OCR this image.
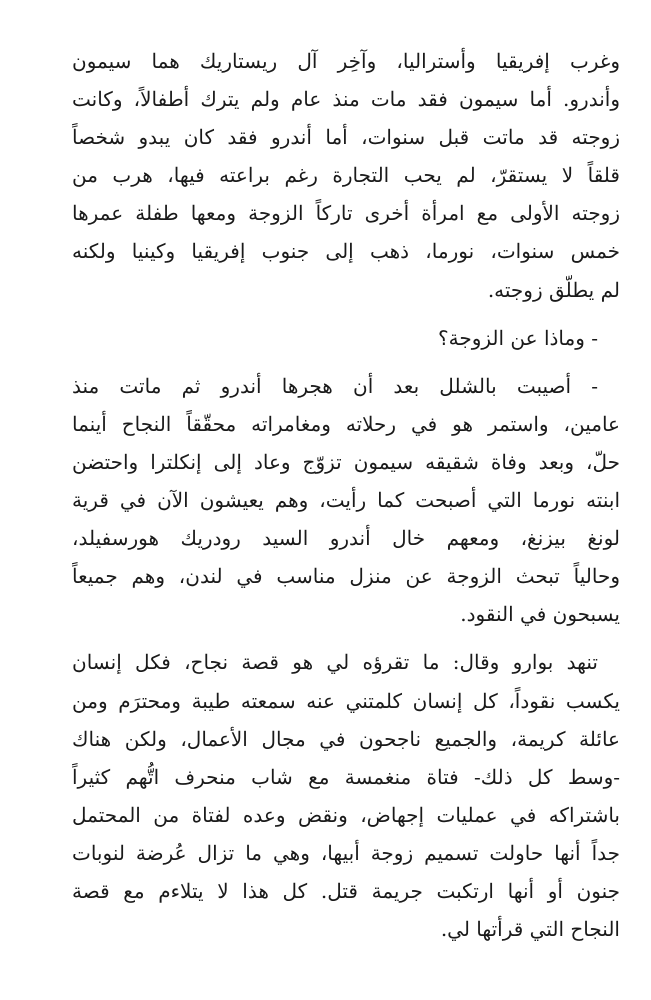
وغرب إفريقيا وأستراليا، وآخِر آل ريستاريك هما سيمون
وأندرو. أما سيمون فقد مات منذ عام ولم يترك أطفالاً، وكانت
زوجته قد ماتت قبل سنوات، أما أندرو فقد كان يبدو شخصاً
قلقاً لا يستقرّ، لم يحب التجارة رغم براعته فيها، هرب من
زوجته الأولى مع امرأة أخرى تاركاً الزوجة ومعها طفلة عمرها
خمس سنوات، نورما، ذهب إلى جنوب إفريقيا وكينيا ولكنه
لم يطلّق زوجته.
- وماذا عن الزوجة؟
- أصيبت بالشلل بعد أن هجرها أندرو ثم ماتت منذ
عامين، واستمر هو في رحلاته ومغامراته محقّقاً النجاح أينما
حلّ، وبعد وفاة شقيقه سيمون تزوّج وعاد إلى إنكلترا واحتضن
ابنته نورما التي أصبحت كما رأيت، وهم يعيشون الآن في قرية
لونغ بيزنغ، ومعهم خال أندرو السيد رودريك هورسفيلد،
وحالياً تبحث الزوجة عن منزل مناسب في لندن، وهم جميعاً
يسبحون في النقود.
تنهد بوارو وقال: ما تقرؤه لي هو قصة نجاح، فكل إنسان
يكسب نقوداً، كل إنسان كلمتني عنه سمعته طيبة ومحترَم ومن
عائلة كريمة، والجميع ناجحون في مجال الأعمال، ولكن هناك
-وسط كل ذلك- فتاة منغمسة مع شاب منحرف اتُّهم كثيراً
باشتراكه في عمليات إجهاض، ونقض وعده لفتاة من المحتمل
جداً أنها حاولت تسميم زوجة أبيها، وهي ما تزال عُرضة لنوبات
جنون أو أنها ارتكبت جريمة قتل. كل هذا لا يتلاءم مع قصة
النجاح التي قرأتها لي.
